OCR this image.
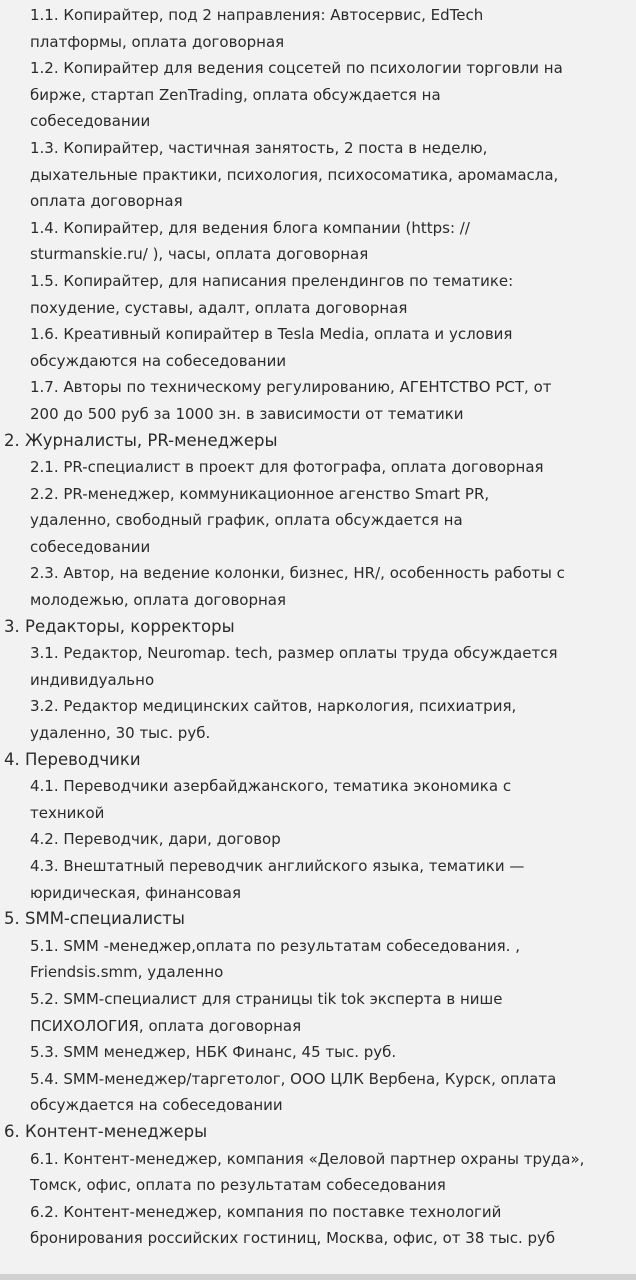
1.1. Копирайтер, под 2 направления: Автосервис, EdTech
платформы, оплата договорная
1.2. Копирайтер для ведения соцсетей по психологии торговли на
бирже, стартап ZenTrading, оплата обсуждается на
собеседовании
1.3. Копирайтер, частичная занятость, 2 поста в неделю,
дыхательные практики, психология, психосоматика, аромамасла,
оплата договорная
1.4. Копирайтер, для ведения блога компании (https: //
sturmanskie.ru/ ), часы, оплата договорная
1.5. Копирайтер, для написания прелендингов по тематике:
похудение, суставы, адалт, оплата договорная
1.6. Креативный копирайтер в Tesla Media, оплата и условия
обсуждаются на собеседовании
1.7. Авторы по техническому регулированию, АГЕНТСТВО РСТ, от
200 до 500 руб за 1000 зн. в зависимости от тематики
2. Журналисты, PR-менеджеры
2.1. PR-специалист в проект для фотографа, оплата договорная
2.2. PR-менеджер, коммуникационное агенство Smart PR,
удаленно, свободный график, оплата обсуждается на
собеседовании
2.3. Автор, на ведение колонки, бизнес, HR/, особенность работы с
молодежью, оплата договорная
3. Редакторы, корректоры
3.1. Редактор, Neuromap. tech, размер оплаты труда обсуждается
индивидуально
3.2. Редактор медицинских сайтов, наркология, психиатрия,
удаленно, 30 тыс. руб.
4. Переводчики
4.1. Переводчики азербайджанского, тематика экономика с
техникой
4.2. Переводчик, дари, договор
4.3. Внештатный переводчик английского языка, тематики —
юридическая, финансовая
5. SMM-специалисты
5.1. SMM -менеджер,оплата по результатам собеседования. ,
Friendsis.smm, удаленно
5.2. SMM-специалист для страницы tik tok эксперта в нише
ПСИХОЛОГИЯ, оплата договорная
5.3. SMM менеджер, НБК Финанс, 45 тыс. руб.
5.4. SMM-менеджер/таргетолог, ООО ЦЛК Вербена, Курск, оплата
обсуждается на собеседовании
6. Контент-менеджеры
6.1. Контент-менеджер, компания «Деловой партнер охраны труда»,
Томск, офис, оплата по результатам собеседования
6.2. Контент-менеджер, компания по поставке технологий
бронирования российских гостиниц, Москва, офис, от 38 тыс. руб
